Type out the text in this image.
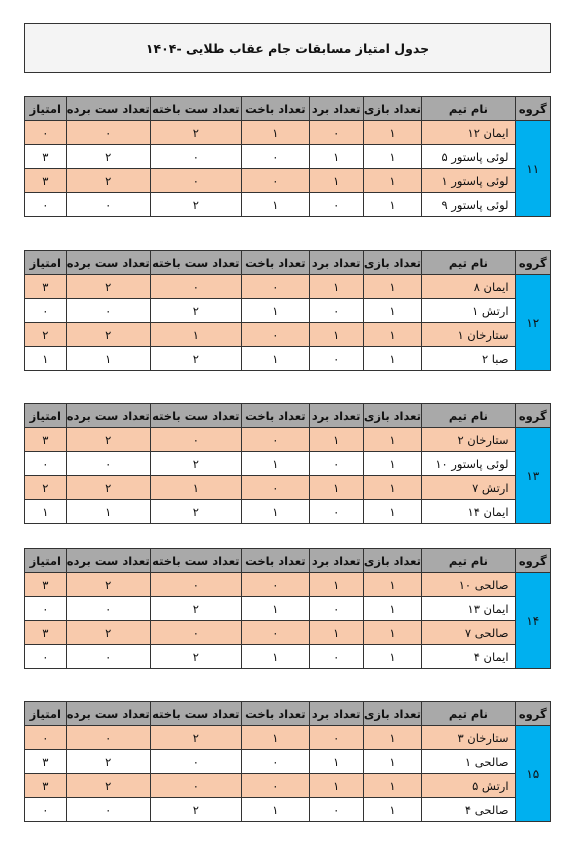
جدول امتیاز مسابقات جام عقاب طلایی -۱۴۰۴
گروه	نام تیم	تعداد بازی	تعداد برد	تعداد باخت	تعداد ست باخته	تعداد ست برده	امتیاز
۱۱	ایمان ۱۲	۱	۰	۱	۲	۰	۰
	لوئی پاستور ۵	۱	۱	۰	۰	۲	۳
	لوئی پاستور ۱	۱	۱	۰	۰	۲	۳
	لوئی پاستور ۹	۱	۰	۱	۲	۰	۰
گروه	نام تیم	تعداد بازی	تعداد برد	تعداد باخت	تعداد ست باخته	تعداد ست برده	امتیاز
۱۲	ایمان ۸	۱	۱	۰	۰	۲	۳
	ارتش ۱	۱	۰	۱	۲	۰	۰
	ستارخان ۱	۱	۱	۰	۱	۲	۲
	صبا ۲	۱	۰	۱	۲	۱	۱
گروه	نام تیم	تعداد بازی	تعداد برد	تعداد باخت	تعداد ست باخته	تعداد ست برده	امتیاز
۱۳	ستارخان ۲	۱	۱	۰	۰	۲	۳
	لوئی پاستور ۱۰	۱	۰	۱	۲	۰	۰
	ارتش ۷	۱	۱	۰	۱	۲	۲
	ایمان ۱۴	۱	۰	۱	۲	۱	۱
گروه	نام تیم	تعداد بازی	تعداد برد	تعداد باخت	تعداد ست باخته	تعداد ست برده	امتیاز
۱۴	صالحی ۱۰	۱	۱	۰	۰	۲	۳
	ایمان ۱۳	۱	۰	۱	۲	۰	۰
	صالحی ۷	۱	۱	۰	۰	۲	۳
	ایمان ۴	۱	۰	۱	۲	۰	۰
گروه	نام تیم	تعداد بازی	تعداد برد	تعداد باخت	تعداد ست باخته	تعداد ست برده	امتیاز
۱۵	ستارخان ۳	۱	۰	۱	۲	۰	۰
	صالحی ۱	۱	۱	۰	۰	۲	۳
	ارتش ۵	۱	۱	۰	۰	۲	۳
	صالحی ۴	۱	۰	۱	۲	۰	۰
